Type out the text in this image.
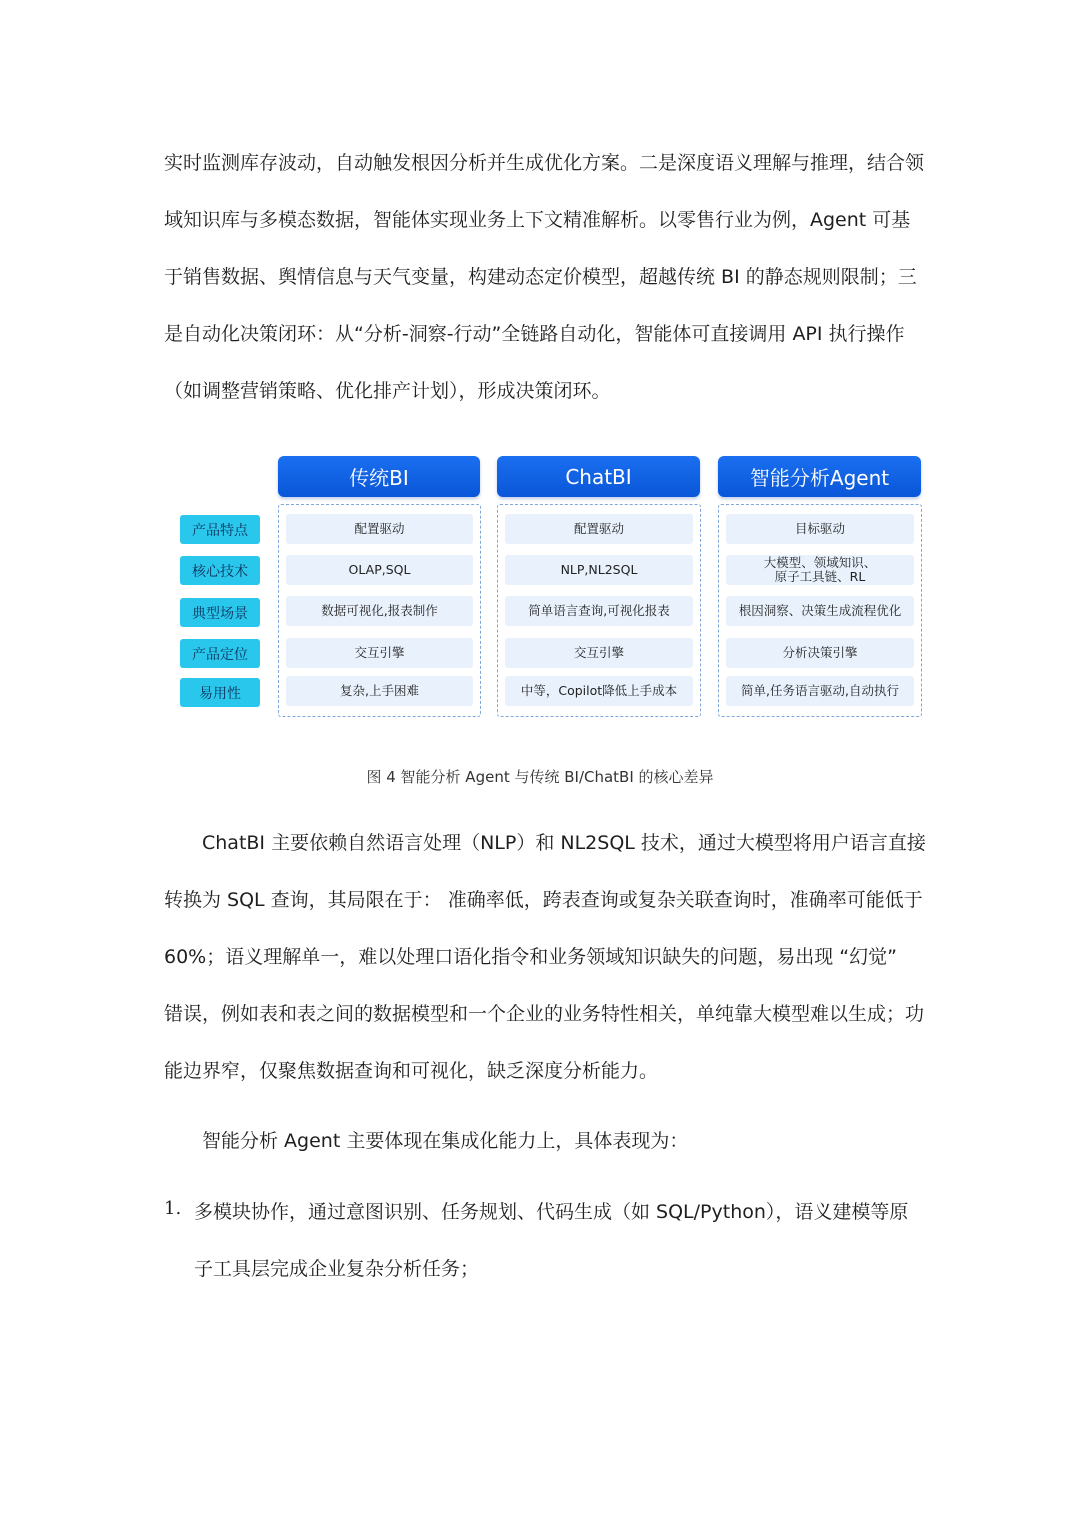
实时监测库存波动，自动触发根因分析并生成优化方案。二是深度语义理解与推理，结合领
域知识库与多模态数据，智能体实现业务上下文精准解析。以零售行业为例，Agent 可基
于销售数据、舆情信息与天气变量，构建动态定价模型，超越传统 BI 的静态规则限制；三
是自动化决策闭环：从“分析-洞察-行动”全链路自动化，智能体可直接调用 API 执行操作
（如调整营销策略、优化排产计划），形成决策闭环。
传统BI	ChatBI	智能分析Agent
产品特点
核心技术
典型场景
产品定位
易用性
配置驱动
OLAP,SQL
数据可视化,报表制作
交互引擎
复杂,上手困难
配置驱动
NLP,NL2SQL
简单语言查询,可视化报表
交互引擎
中等，Copilot降低上手成本
目标驱动
大模型、领域知识、
原子工具链、RL
根因洞察、决策生成流程优化
分析决策引擎
简单,任务语言驱动,自动执行
图 4 智能分析 Agent 与传统 BI/ChatBI 的核心差异
ChatBI 主要依赖自然语言处理（NLP）和 NL2SQL 技术，通过大模型将用户语言直接
转换为 SQL 查询，其局限在于： 准确率低，跨表查询或复杂关联查询时，准确率可能低于
60%；语义理解单一，难以处理口语化指令和业务领域知识缺失的问题，易出现 “幻觉”
错误，例如表和表之间的数据模型和一个企业的业务特性相关，单纯靠大模型难以生成；功
能边界窄，仅聚焦数据查询和可视化，缺乏深度分析能力。
智能分析 Agent 主要体现在集成化能力上，具体表现为：
1. 多模块协作，通过意图识别、任务规划、代码生成（如 SQL/Python），语义建模等原
子工具层完成企业复杂分析任务；
